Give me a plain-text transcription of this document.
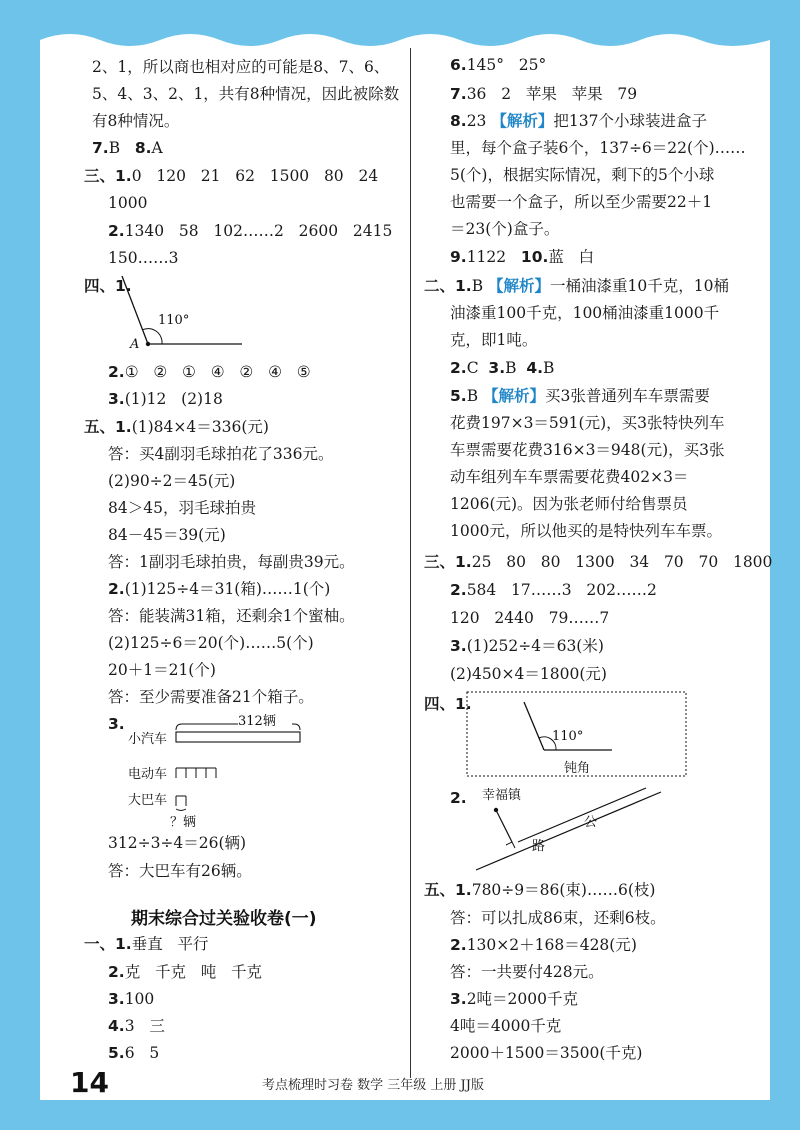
2、1，所以商也相对应的可能是8、7、6、
5、4、3、2、1，共有8种情况，因此被除数
有8种情况。
7.B 8.A
三、1.0   120   21   62   1500   80   24
1000
2.1340   58   102……2   2600   2415
150……3
四、1.
110°
A
2.①   ②   ①   ④   ②   ④   ⑤
3.(1)12   (2)18
五、1.(1)84×4＝336(元)
答：买4副羽毛球拍花了336元。
(2)90÷2＝45(元)
84＞45，羽毛球拍贵
84－45＝39(元)
答：1副羽毛球拍贵，每副贵39元。
2.(1)125÷4＝31(箱)……1(个)
答：能装满31箱，还剩余1个蜜柚。
(2)125÷6＝20(个)……5(个)
20＋1＝21(个)
答：至少需要准备21个箱子。
3.	312辆
小汽车
电动车
大巴车
？辆
312÷3÷4＝26(辆)
答：大巴车有26辆。
期末综合过关验收卷(一)
一、1.垂直   平行
2.克   千克   吨   千克
3.100
4.3   三
5.6   5
6.145°   25°
7.36   2   苹果   苹果   79
8.23 【解析】把137个小球装进盒子
里，每个盒子装6个，137÷6＝22(个)……
5(个)，根据实际情况，剩下的5个小球
也需要一个盒子，所以至少需要22＋1
＝23(个)盒子。
9.1122 10.蓝   白
二、1.B 【解析】一桶油漆重10千克，10桶
油漆重100千克，100桶油漆重1000千
克，即1吨。
2.C 3.B 4.B
5.B 【解析】买3张普通列车车票需要
花费197×3＝591(元)，买3张特快列车
车票需要花费316×3＝948(元)，买3张
动车组列车车票需要花费402×3＝
1206(元)。因为张老师付给售票员
1000元，所以他买的是特快列车车票。
三、1.25   80   80   1300   34   70   70   1800
2.584   17……3   202……2
120   2440   79……7
3.(1)252÷4＝63(米)
(2)450×4＝1800(元)
四、1.
110°
钝角
2. 幸福镇
公
路
五、1.780÷9＝86(束)……6(枝)
答：可以扎成86束，还剩6枝。
2.130×2＋168＝428(元)
答：一共要付428元。
3.2吨＝2000千克
4吨＝4000千克
2000＋1500＝3500(千克)
14	考点梳理时习卷 数学 三年级 上册 JJ版
